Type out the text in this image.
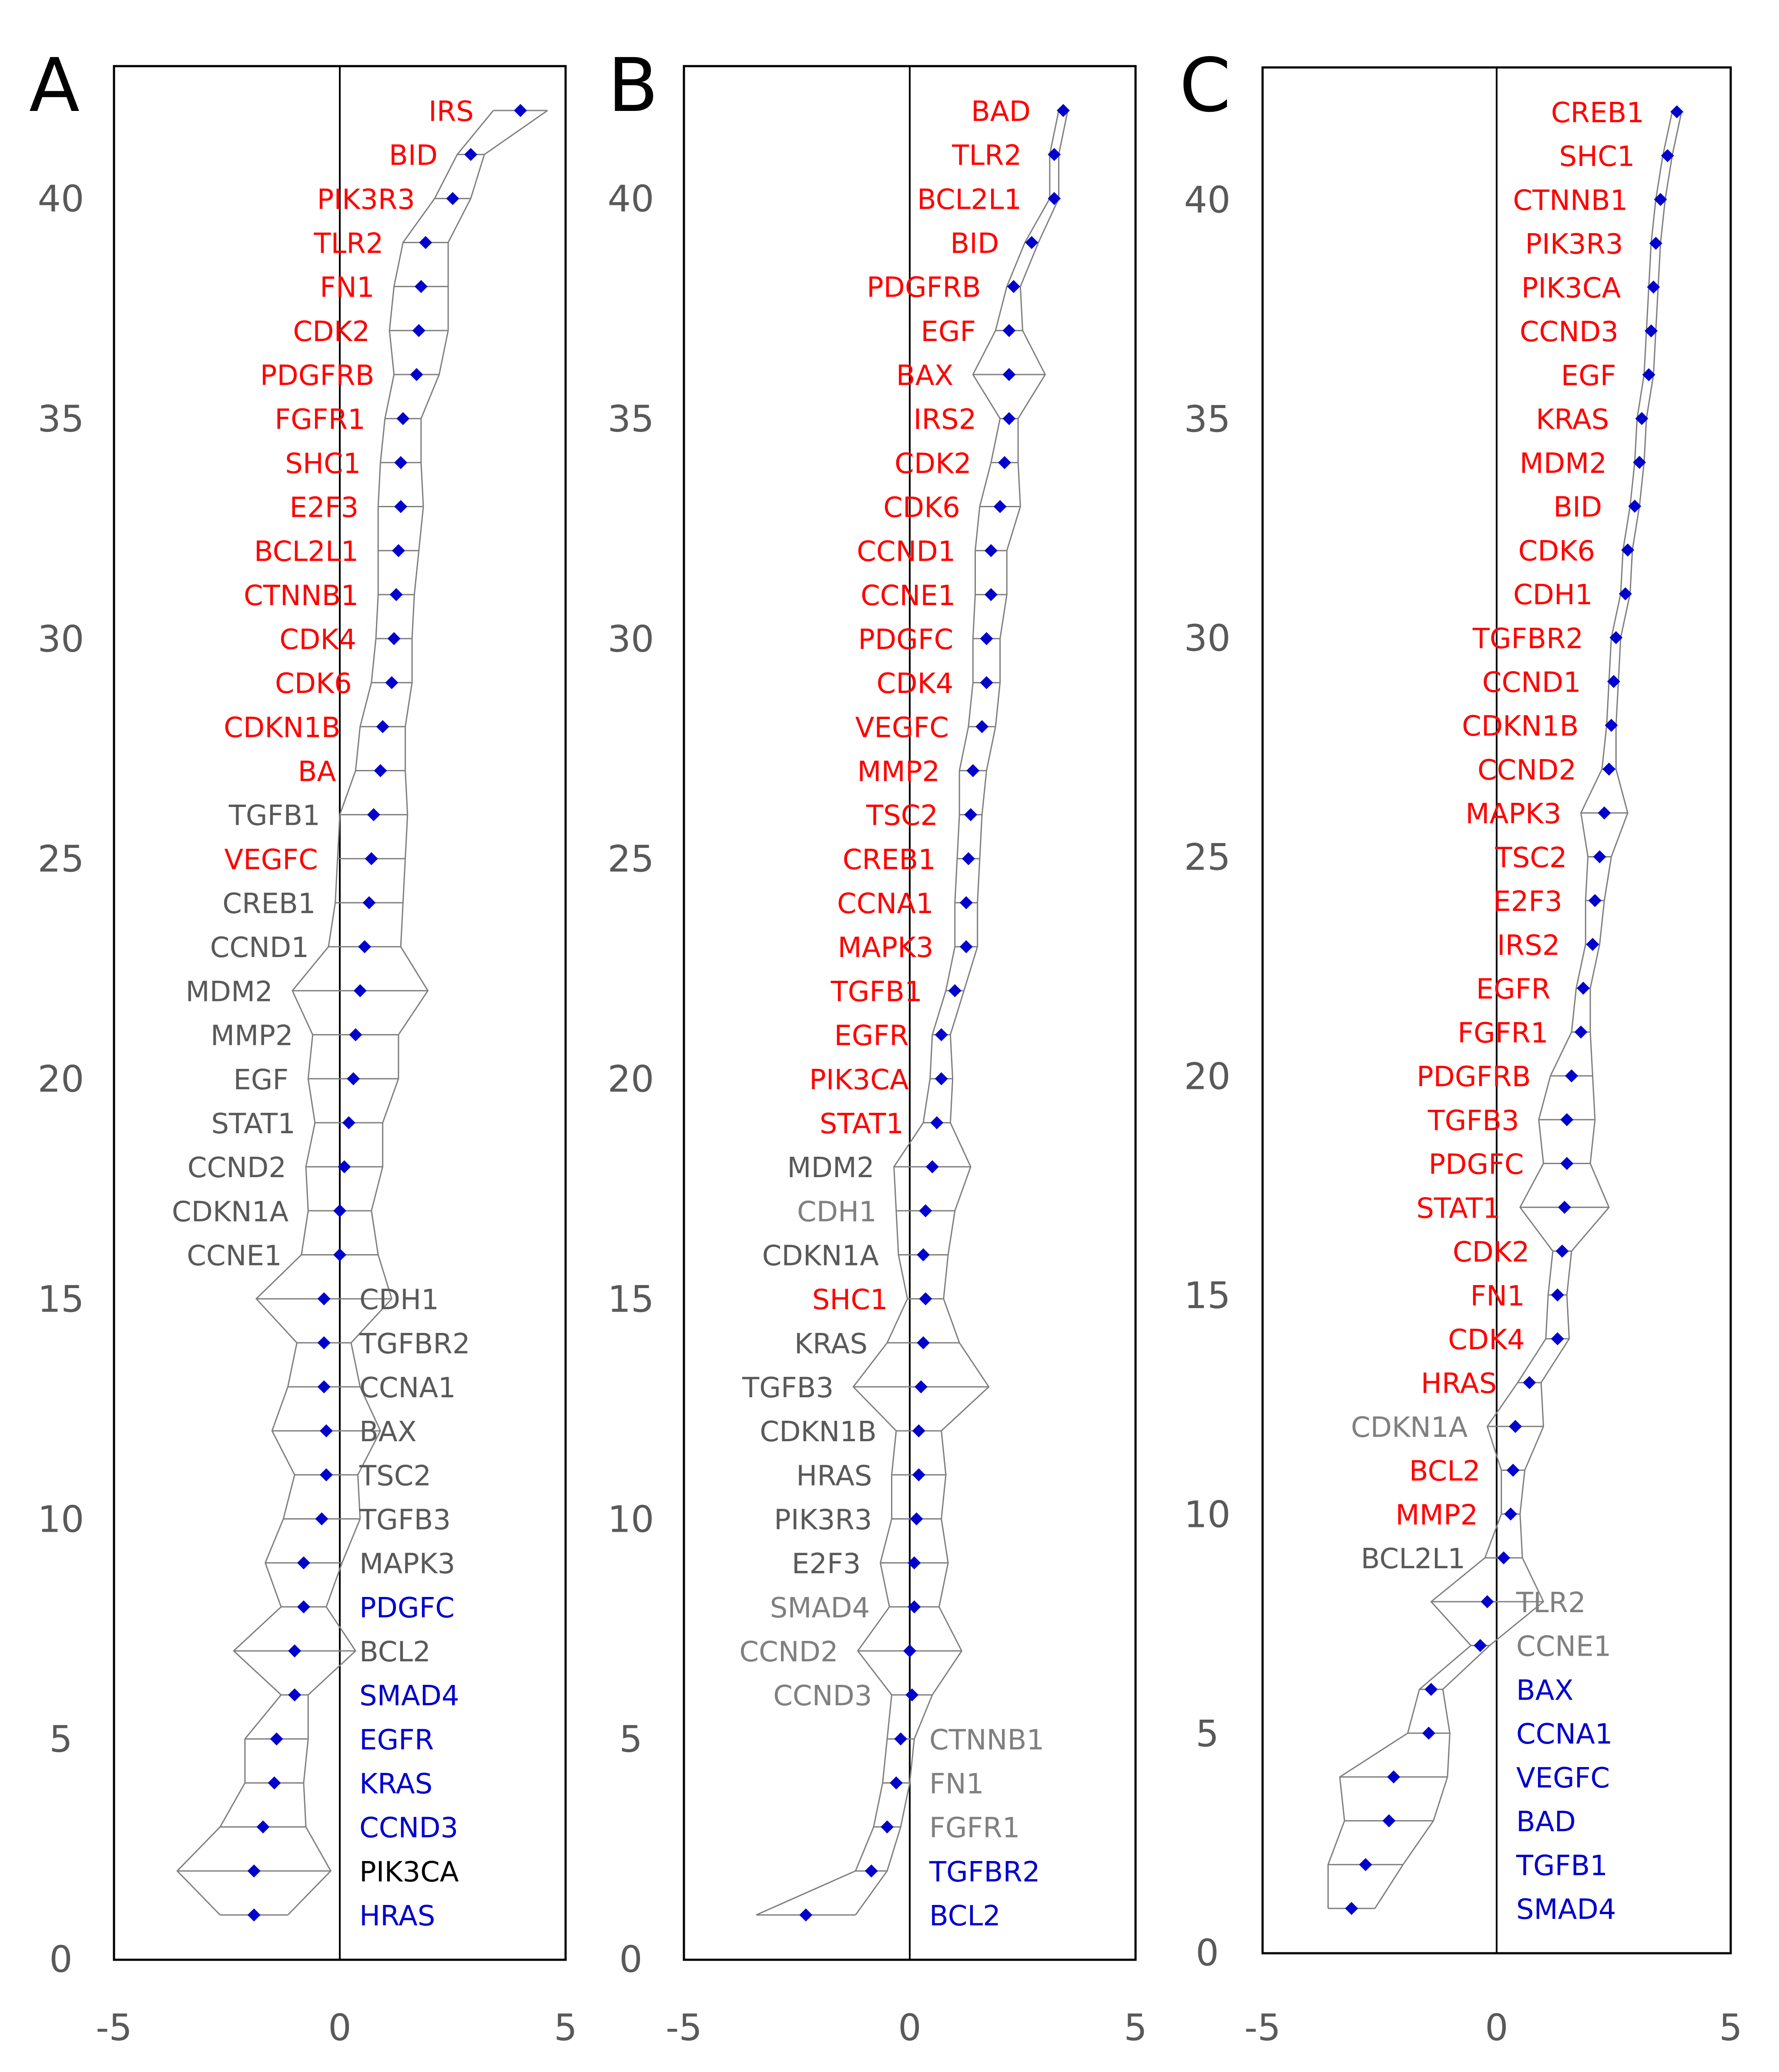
A
0
5
10
15
20
25
30
35
40
-5	0	5
IRS
BID
PIK3R3
TLR2
FN1
CDK2
PDGFRB
FGFR1
SHC1
E2F3
BCL2L1
CTNNB1
CDK4
CDK6
CDKN1B
BA
TGFB1
VEGFC
CREB1
CCND1
MDM2
MMP2
EGF
STAT1
CCND2
CDKN1A
CCNE1
CDH1
TGFBR2
CCNA1
BAX
TSC2
TGFB3
MAPK3
PDGFC
BCL2
SMAD4
EGFR
KRAS
CCND3
PIK3CA
HRAS
B
0
5
10
15
20
25
30
35
40
-5	0	5
BAD
TLR2
BCL2L1
BID
PDGFRB
EGF
BAX
IRS2
CDK2
CDK6
CCND1
CCNE1
PDGFC
CDK4
VEGFC
MMP2
TSC2
CREB1
CCNA1
MAPK3
TGFB1
EGFR
PIK3CA
STAT1
MDM2
CDH1
CDKN1A
SHC1
KRAS
TGFB3
CDKN1B
HRAS
PIK3R3
E2F3
SMAD4
CCND2
CCND3
CTNNB1
FN1
FGFR1
TGFBR2
BCL2
C
0
5
10
15
20
25
30
35
40
-5	0	5
CREB1
SHC1
CTNNB1
PIK3R3
PIK3CA
CCND3
EGF
KRAS
MDM2
BID
CDK6
CDH1
TGFBR2
CCND1
CDKN1B
CCND2
MAPK3
TSC2
E2F3
IRS2
EGFR
FGFR1
PDGFRB
TGFB3
PDGFC
STAT1
CDK2
FN1
CDK4
HRAS
CDKN1A
BCL2
MMP2
BCL2L1
TLR2
CCNE1
BAX
CCNA1
VEGFC
BAD
TGFB1
SMAD4
